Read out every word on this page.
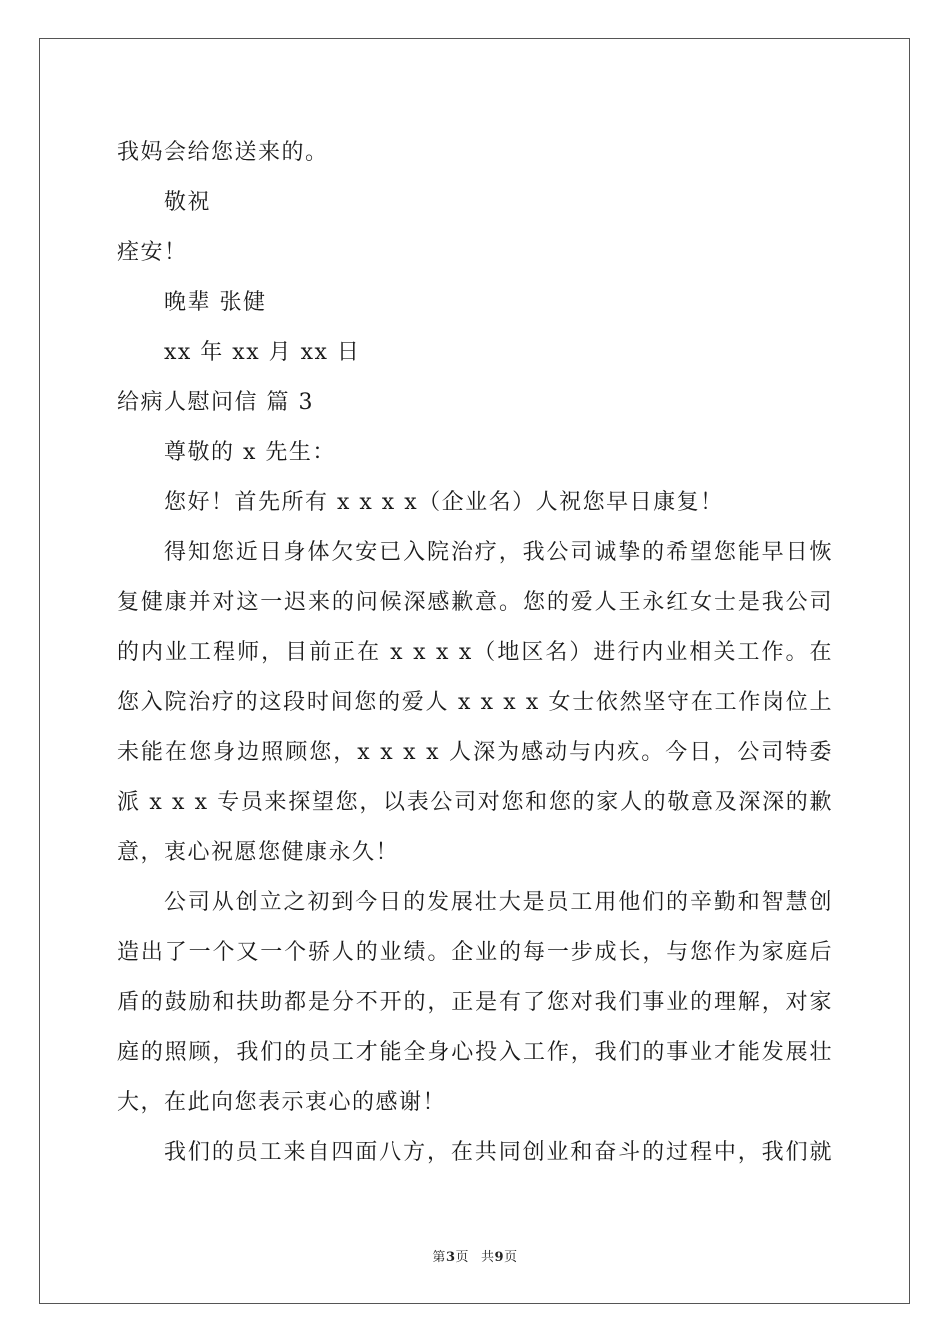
我妈会给您送来的。
敬祝
痊安！
晚辈 张健
xx 年 xx 月 xx 日
给病人慰问信 篇 3
尊敬的 x 先生：
您好！首先所有 x x x x（企业名）人祝您早日康复！
得知您近日身体欠安已入院治疗，我公司诚挚的希望您能早日恢
复健康并对这一迟来的问候深感歉意。您的爱人王永红女士是我公司
的内业工程师，目前正在 x x x x（地区名）进行内业相关工作。在
您入院治疗的这段时间您的爱人 x x x x 女士依然坚守在工作岗位上
未能在您身边照顾您，x x x x 人深为感动与内疚。今日，公司特委
派 x x x 专员来探望您，以表公司对您和您的家人的敬意及深深的歉
意，衷心祝愿您健康永久！
公司从创立之初到今日的发展壮大是员工用他们的辛勤和智慧创
造出了一个又一个骄人的业绩。企业的每一步成长，与您作为家庭后
盾的鼓励和扶助都是分不开的，正是有了您对我们事业的理解，对家
庭的照顾，我们的员工才能全身心投入工作，我们的事业才能发展壮
大，在此向您表示衷心的感谢！
我们的员工来自四面八方，在共同创业和奋斗的过程中，我们就
第3页 共9页
